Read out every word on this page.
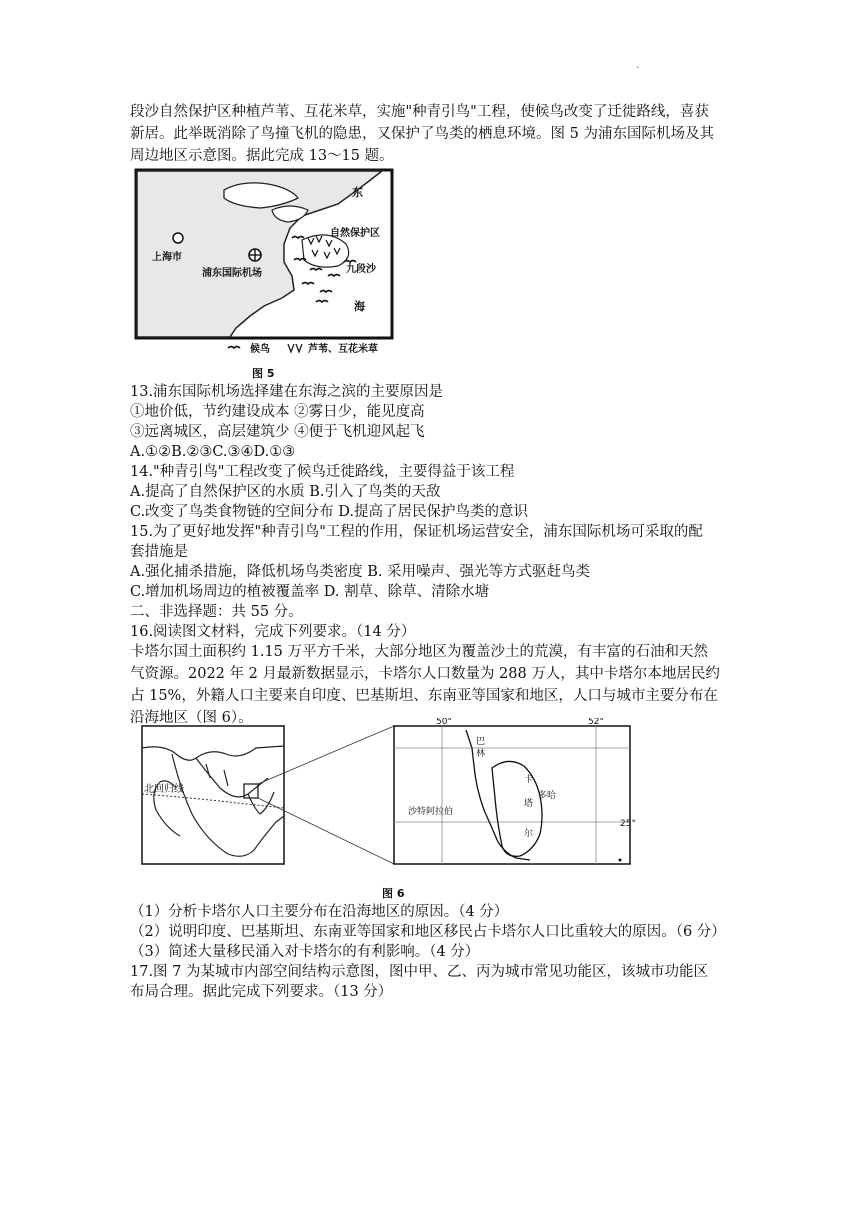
.
段沙自然保护区种植芦苇、互花米草，实施"种青引鸟"工程，使候鸟改变了迁徙路线，喜获
新居。此举既消除了鸟撞飞机的隐患，又保护了鸟类的栖息环境。图 5 为浦东国际机场及其
周边地区示意图。据此完成 13～15 题。
上海市
浦东国际机场
东
自然保护区
九段沙
海
候鸟	芦苇、互花米草
图 5
13.浦东国际机场选择建在东海之滨的主要原因是
①地价低，节约建设成本 ②雾日少，能见度高
③远离城区，高层建筑少 ④便于飞机迎风起飞
A.①②B.②③C.③④D.①③
14."种青引鸟"工程改变了候鸟迁徙路线，主要得益于该工程
A.提高了自然保护区的水质 B.引入了鸟类的天敌
C.改变了鸟类食物链的空间分布 D.提高了居民保护鸟类的意识
15.为了更好地发挥"种青引鸟"工程的作用，保证机场运营安全，浦东国际机场可采取的配
套措施是
A.强化捕杀措施，降低机场鸟类密度 B. 采用噪声、强光等方式驱赶鸟类
C.增加机场周边的植被覆盖率 D. 割草、除草、清除水塘
二、非选择题：共 55 分。
16.阅读图文材料，完成下列要求。（14 分）
卡塔尔国土面积约 1.15 万平方千米，大部分地区为覆盖沙土的荒漠，有丰富的石油和天然
气资源。2022 年 2 月最新数据显示，卡塔尔人口数量为 288 万人，其中卡塔尔本地居民约
占 15%，外籍人口主要来自印度、巴基斯坦、东南亚等国家和地区，人口与城市主要分布在
沿海地区（图 6）。
北回归线
50°	52°
25°
巴
林
沙特阿拉伯
卡
塔
尔
多哈
图 6
（1）分析卡塔尔人口主要分布在沿海地区的原因。（4 分）
（2）说明印度、巴基斯坦、东南亚等国家和地区移民占卡塔尔人口比重较大的原因。（6 分）
（3）简述大量移民涌入对卡塔尔的有利影响。（4 分）
17.图 7 为某城市内部空间结构示意图，图中甲、乙、丙为城市常见功能区，该城市功能区
布局合理。据此完成下列要求。（13 分）
